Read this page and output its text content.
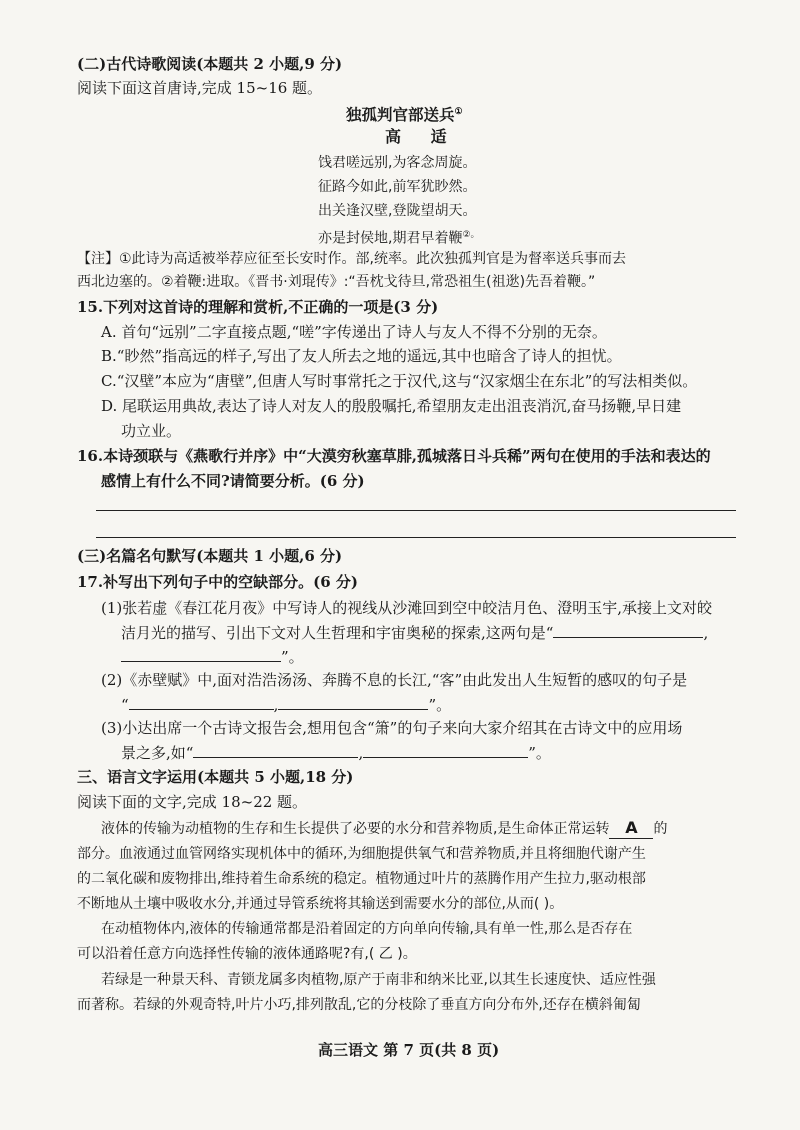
(二)古代诗歌阅读(本题共 2 小题,9 分)
阅读下面这首唐诗,完成 15~16 题。
独孤判官部送兵①
高 适
饯君嗟远别,为客念周旋。
征路今如此,前军犹眇然。
出关逢汉壁,登陇望胡天。
亦是封侯地,期君早着鞭②。
【注】①此诗为高适被举荐应征至长安时作。部,统率。此次独孤判官是为督率送兵事而去
西北边塞的。②着鞭:进取。《晋书·刘琨传》:“吾枕戈待旦,常恐祖生(祖逖)先吾着鞭。”
15.下列对这首诗的理解和赏析,不正确的一项是(3 分)
A. 首句“远别”二字直接点题,“嗟”字传递出了诗人与友人不得不分别的无奈。
B.“眇然”指高远的样子,写出了友人所去之地的遥远,其中也暗含了诗人的担忧。
C.“汉壁”本应为“唐壁”,但唐人写时事常托之于汉代,这与“汉家烟尘在东北”的写法相类似。
D. 尾联运用典故,表达了诗人对友人的殷殷嘱托,希望朋友走出沮丧消沉,奋马扬鞭,早日建
功立业。
16.本诗颈联与《燕歌行并序》中“大漠穷秋塞草腓,孤城落日斗兵稀”两句在使用的手法和表达的
感情上有什么不同?请简要分析。(6 分)
(三)名篇名句默写(本题共 1 小题,6 分)
17.补写出下列句子中的空缺部分。(6 分)
(1)张若虚《春江花月夜》中写诗人的视线从沙滩回到空中皎洁月色、澄明玉宇,承接上文对皎
洁月光的描写、引出下文对人生哲理和宇宙奥秘的探索,这两句是“	,
”。
(2)《赤壁赋》中,面对浩浩汤汤、奔腾不息的长江,“客”由此发出人生短暂的感叹的句子是
“	,	”。
(3)小达出席一个古诗文报告会,想用包含“箫”的句子来向大家介绍其在古诗文中的应用场
景之多,如“	,	”。
三、语言文字运用(本题共 5 小题,18 分)
阅读下面的文字,完成 18~22 题。
液体的传输为动植物的生存和生长提供了必要的水分和营养物质,是生命体正常运转 A 的
部分。血液通过血管网络实现机体中的循环,为细胞提供氧气和营养物质,并且将细胞代谢产生
的二氧化碳和废物排出,维持着生命系统的稳定。植物通过叶片的蒸腾作用产生拉力,驱动根部
不断地从土壤中吸收水分,并通过导管系统将其输送到需要水分的部位,从而( )。
在动植物体内,液体的传输通常都是沿着固定的方向单向传输,具有单一性,那么是否存在
可以沿着任意方向选择性传输的液体通路呢?有,( 乙 )。
若绿是一种景天科、青锁龙属多肉植物,原产于南非和纳米比亚,以其生长速度快、适应性强
而著称。若绿的外观奇特,叶片小巧,排列散乱,它的分枝除了垂直方向分布外,还存在横斜匍匐
高三语文 第 7 页(共 8 页)
